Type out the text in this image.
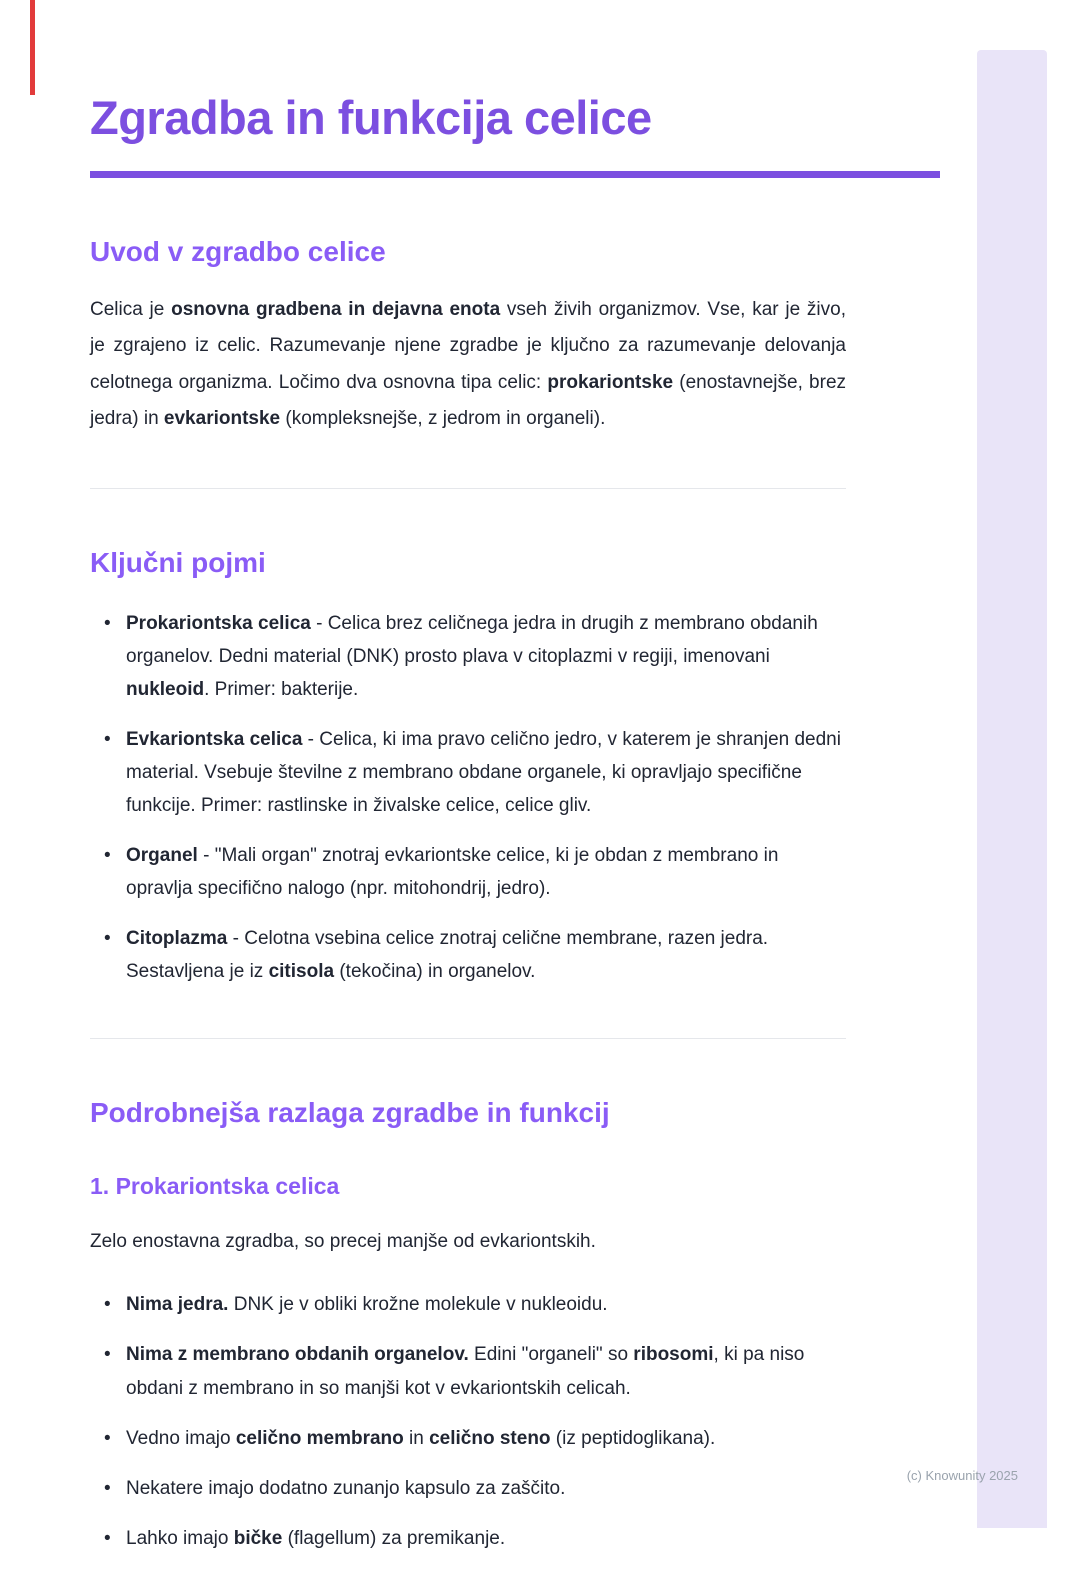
Zgradba in funkcija celice
Uvod v zgradbo celice

Celica je osnovna gradbena in dejavna enota vseh živih organizmov. Vse, kar je živo, je zgrajeno iz celic. Razumevanje njene zgradbe je ključno za razumevanje delovanja celotnega organizma. Ločimo dva osnovna tipa celic: prokariontske (enostavnejše, brez jedra) in evkariontske (kompleksnejše, z jedrom in organeli).

Ključni pojmi
• Prokariontska celica - Celica brez celičnega jedra in drugih z membrano obdanih organelov. Dedni material (DNK) prosto plava v citoplazmi v regiji, imenovani nukleoid. Primer: bakterije.
• Evkariontska celica - Celica, ki ima pravo celično jedro, v katerem je shranjen dedni material. Vsebuje številne z membrano obdane organele, ki opravljajo specifične funkcije. Primer: rastlinske in živalske celice, celice gliv.
• Organel - "Mali organ" znotraj evkariontske celice, ki je obdan z membrano in opravlja specifično nalogo (npr. mitohondrij, jedro).
• Citoplazma - Celotna vsebina celice znotraj celične membrane, razen jedra. Sestavljena je iz citisola (tekočina) in organelov.
Podrobnejša razlaga zgradbe in funkcij
1. Prokariontska celica

Zelo enostavna zgradba, so precej manjše od evkariontskih.

• Nima jedra. DNK je v obliki krožne molekule v nukleoidu.
• Nima z membrano obdanih organelov. Edini "organeli" so ribosomi, ki pa niso obdani z membrano in so manjši kot v evkariontskih celicah.
• Vedno imajo celično membrano in celično steno (iz peptidoglikana).
• Nekatere imajo dodatno zunanjo kapsulo za zaščito.
• Lahko imajo bičke (flagellum) za premikanje.
(c) Knowunity 2025
